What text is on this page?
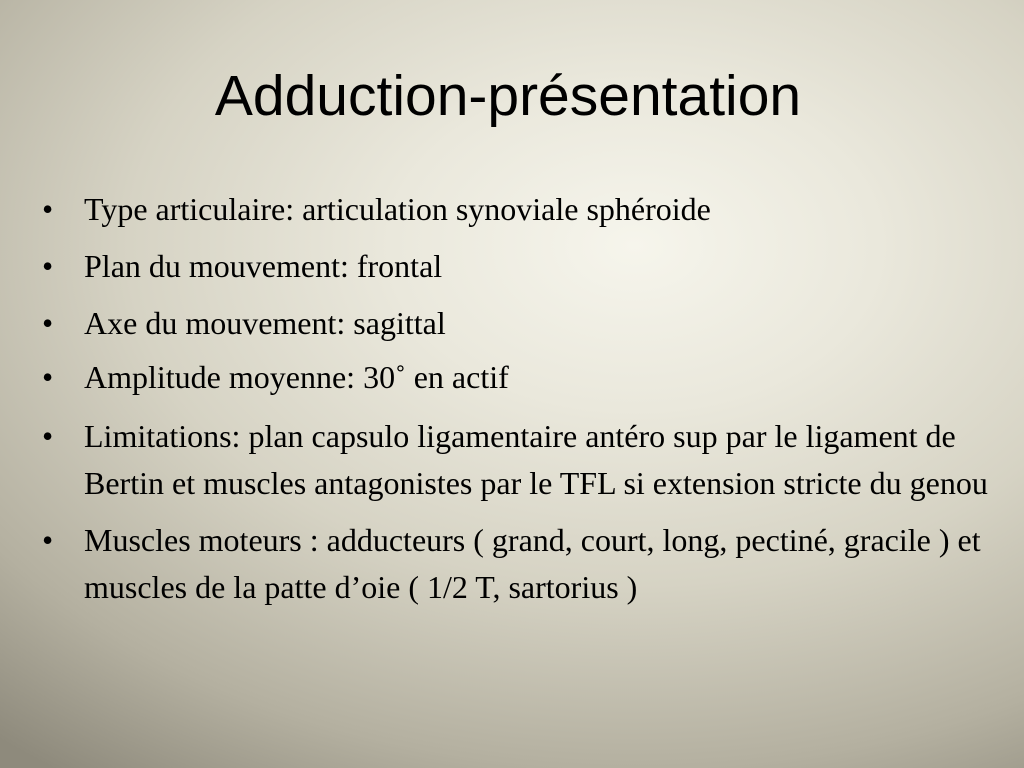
Adduction-présentation
• Type articulaire: articulation synoviale sphéroide
• Plan du mouvement: frontal
• Axe du mouvement: sagittal
• Amplitude moyenne: 30˚ en actif
• Limitations: plan capsulo ligamentaire antéro sup par le ligament de Bertin et muscles antagonistes par le TFL si extension stricte du genou
• Muscles moteurs : adducteurs ( grand, court, long, pectiné, gracile ) et muscles de la patte d’oie ( 1/2 T, sartorius )
